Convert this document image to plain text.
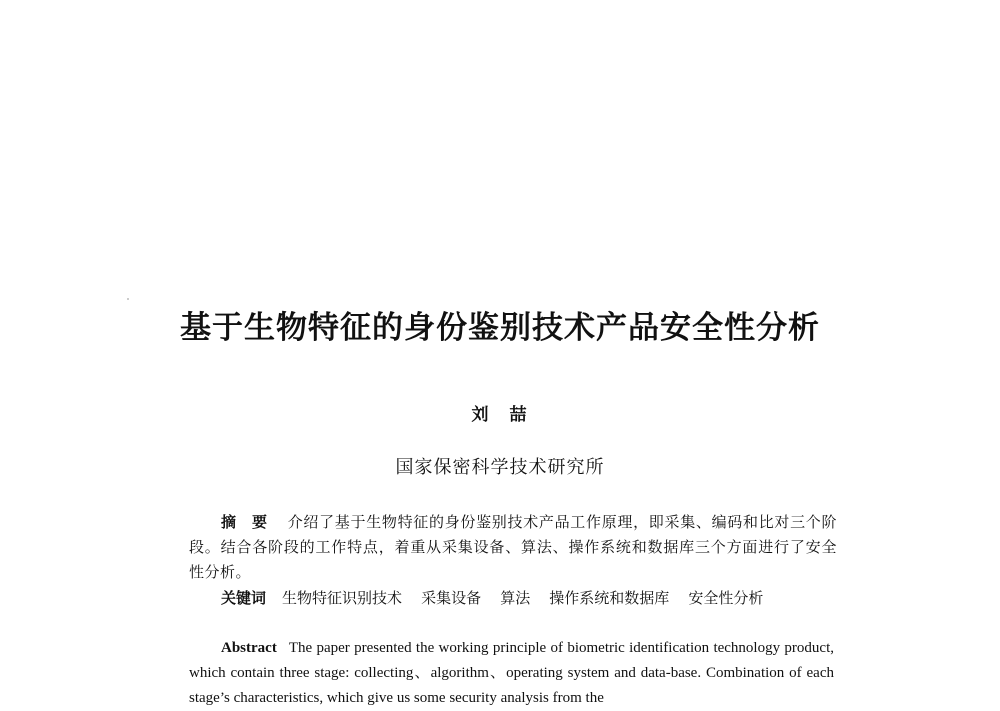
基于生物特征的身份鉴别技术产品安全性分析
刘　喆
国家保密科学技术研究所
摘　要 介绍了基于生物特征的身份鉴别技术产品工作原理，即采集、编码和比对三个阶段。结合各阶段的工作特点，着重从采集设备、算法、操作系统和数据库三个方面进行了安全性分析。
关键词 生物特征识别技术 采集设备 算法 操作系统和数据库 安全性分析
Abstract The paper presented the working principle of biometric identification technology product, which contain three stage: collecting、algorithm、operating system and data-base. Combination of each stage’s characteristics, which give us some security analysis from the
